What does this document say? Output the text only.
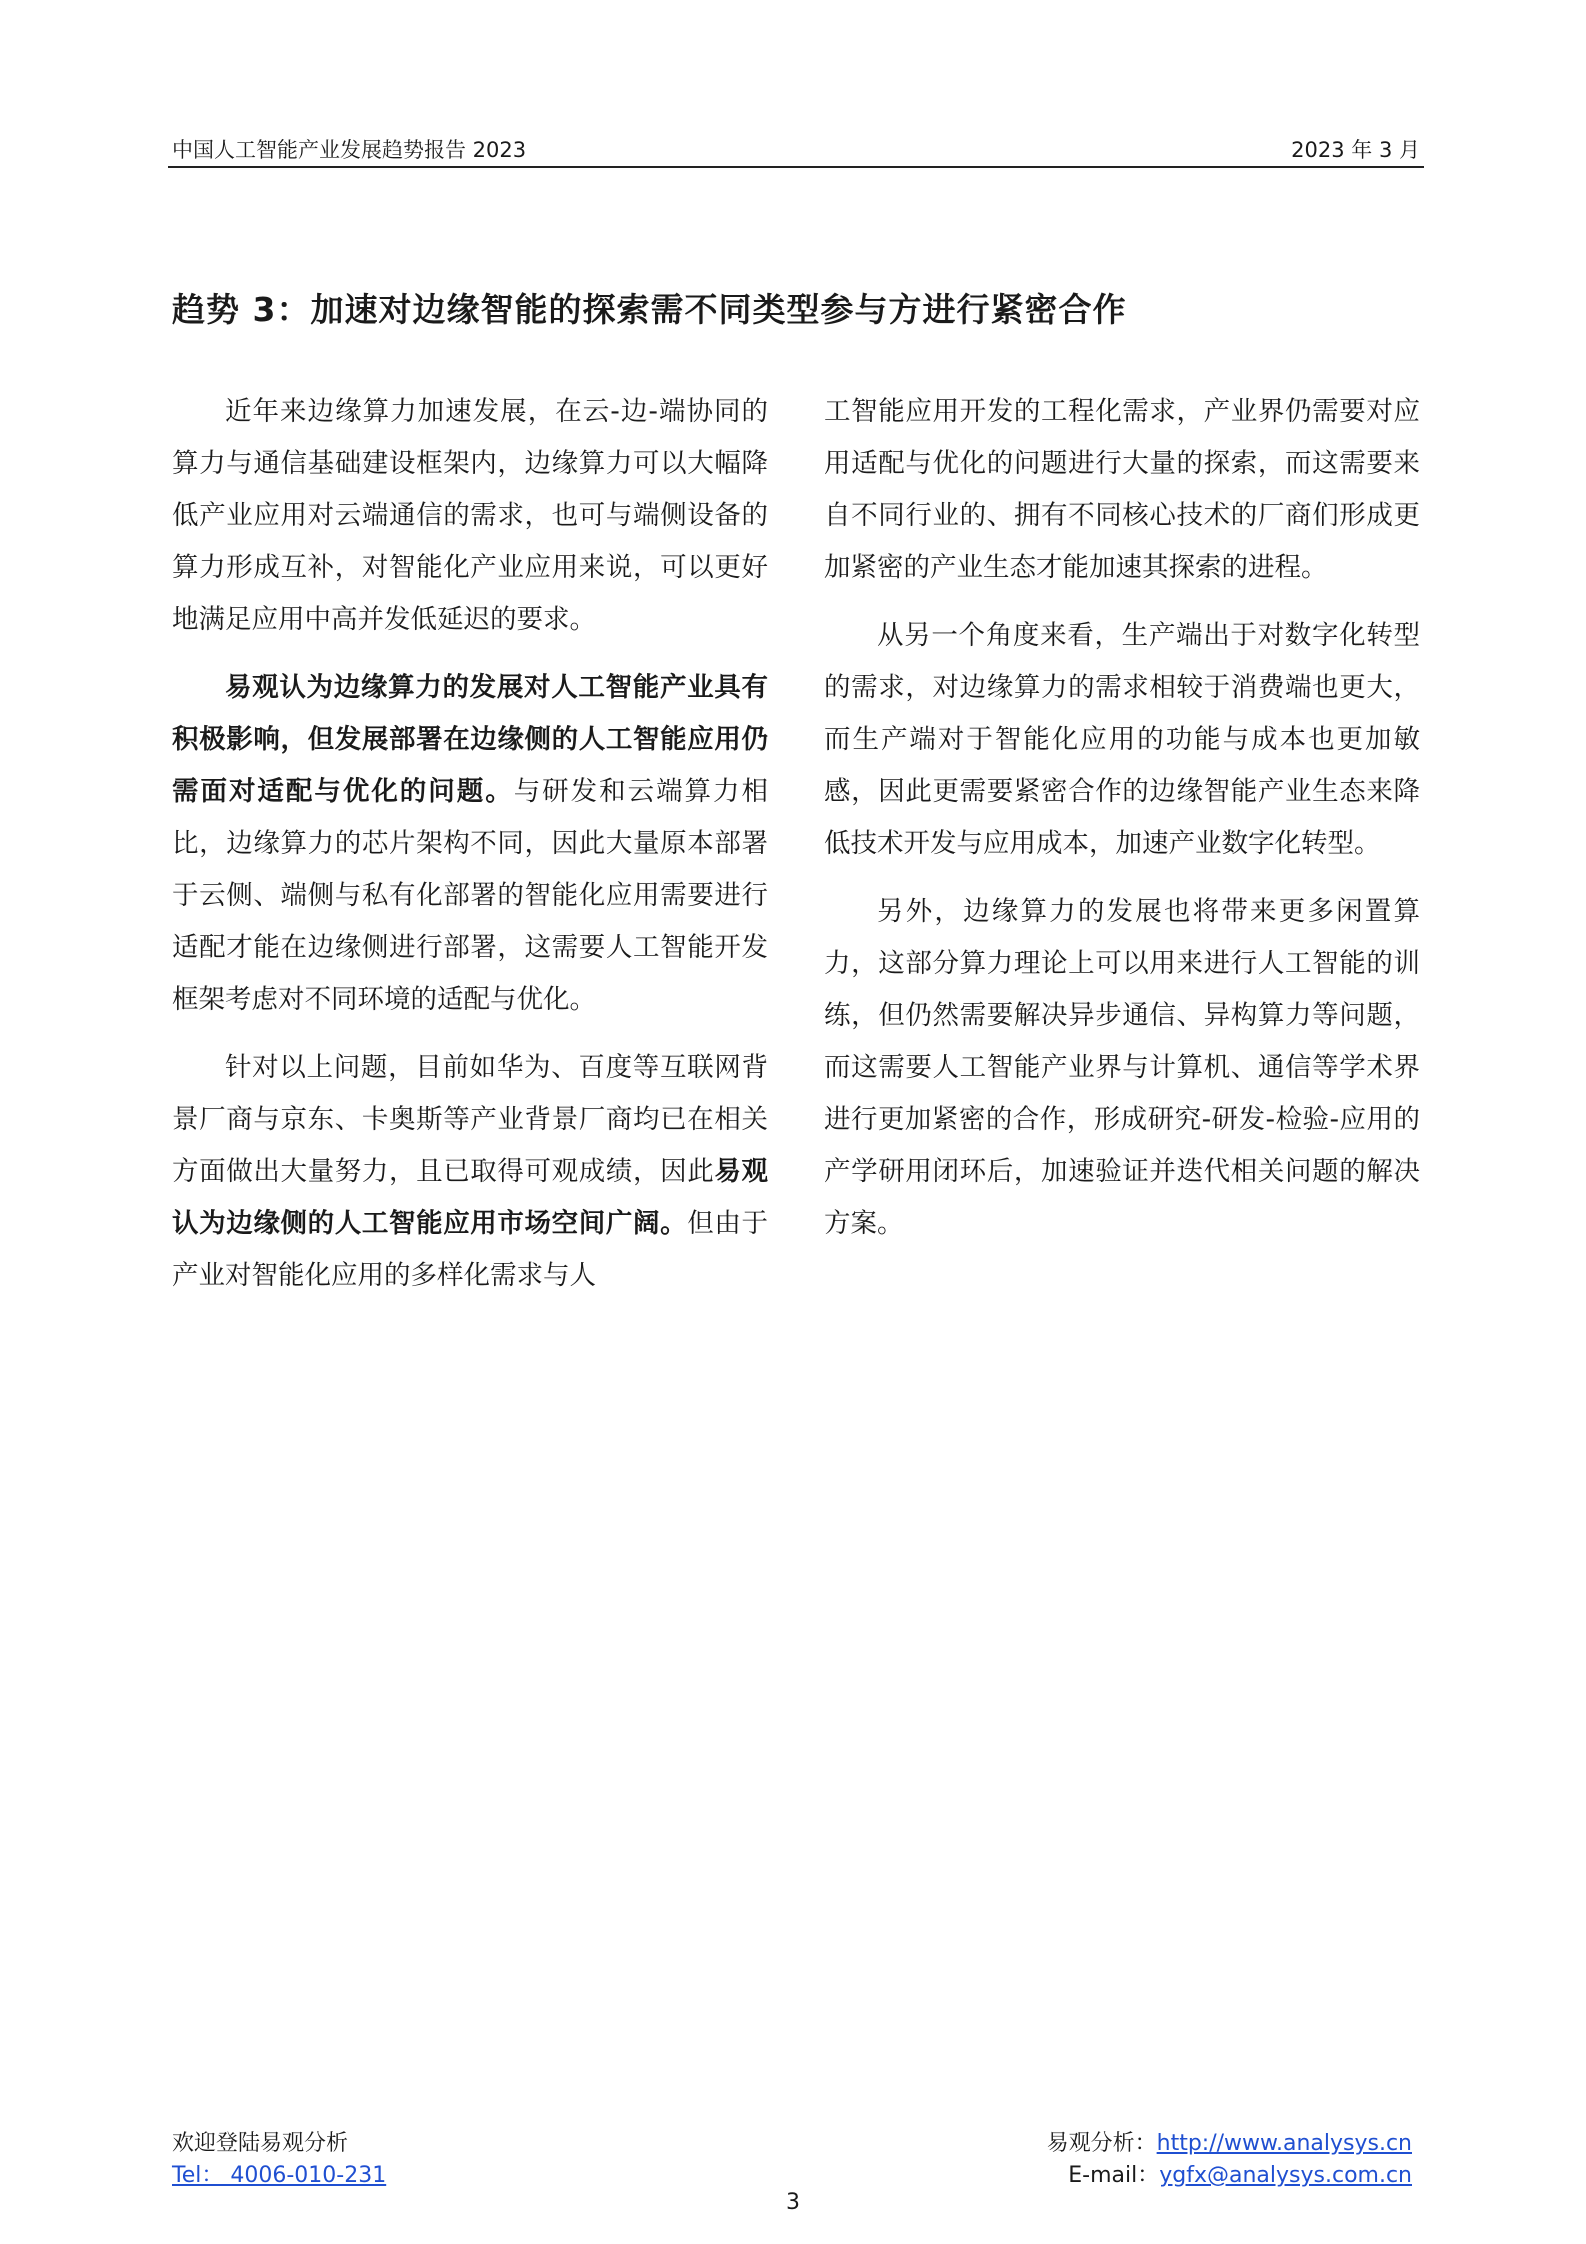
中国人工智能产业发展趋势报告 2023	2023 年 3 月
趋势 3：加速对边缘智能的探索需不同类型参与方进行紧密合作

近年来边缘算力加速发展，在云-边-端协同的算力与通信基础建设框架内，边缘算力可以大幅降低产业应用对云端通信的需求，也可与端侧设备的算力形成互补，对智能化产业应用来说，可以更好地满足应用中高并发低延迟的要求。

易观认为边缘算力的发展对人工智能产业具有积极影响，但发展部署在边缘侧的人工智能应用仍需面对适配与优化的问题。与研发和云端算力相比，边缘算力的芯片架构不同，因此大量原本部署于云侧、端侧与私有化部署的智能化应用需要进行适配才能在边缘侧进行部署，这需要人工智能开发框架考虑对不同环境的适配与优化。

针对以上问题，目前如华为、百度等互联网背景厂商与京东、卡奥斯等产业背景厂商均已在相关方面做出大量努力，且已取得可观成绩，因此易观认为边缘侧的人工智能应用市场空间广阔。但由于产业对智能化应用的多样化需求与人

工智能应用开发的工程化需求，产业界仍需要对应用适配与优化的问题进行大量的探索，而这需要来自不同行业的、拥有不同核心技术的厂商们形成更加紧密的产业生态才能加速其探索的进程。

从另一个角度来看，生产端出于对数字化转型的需求，对边缘算力的需求相较于消费端也更大，而生产端对于智能化应用的功能与成本也更加敏感，因此更需要紧密合作的边缘智能产业生态来降低技术开发与应用成本，加速产业数字化转型。

另外，边缘算力的发展也将带来更多闲置算力，这部分算力理论上可以用来进行人工智能的训练，但仍然需要解决异步通信、异构算力等问题，而这需要人工智能产业界与计算机、通信等学术界进行更加紧密的合作，形成研究-研发-检验-应用的产学研用闭环后，加速验证并迭代相关问题的解决方案。

欢迎登陆易观分析
Tel： 4006-010-231
易观分析：http://www.analysys.cn
E-mail：ygfx@analysys.com.cn
3
